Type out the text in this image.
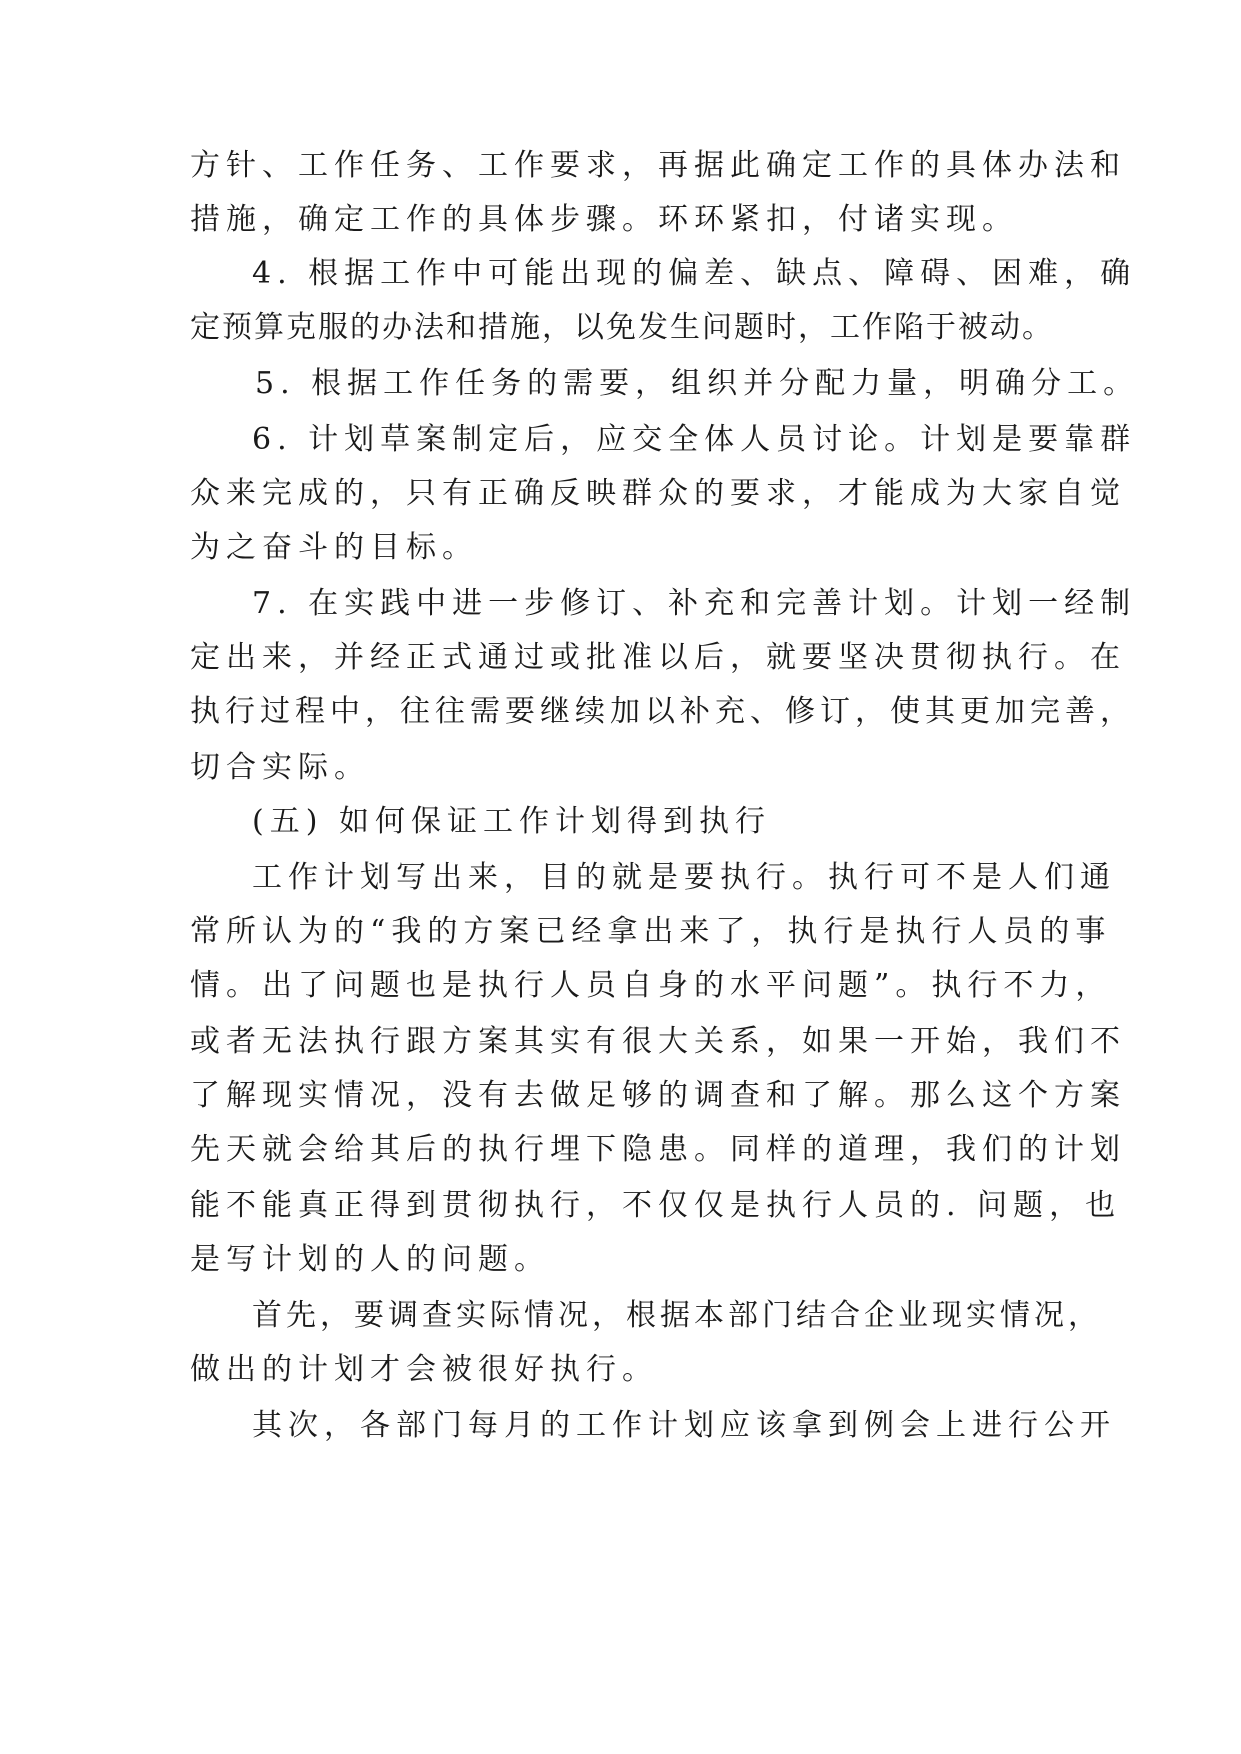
方针、工作任务、工作要求，再据此确定工作的具体办法和

措施，确定工作的具体步骤。环环紧扣，付诸实现。

4. 根据工作中可能出现的偏差、缺点、障碍、困难，确

定预算克服的办法和措施，以免发生问题时，工作陷于被动。

5. 根据工作任务的需要，组织并分配力量，明确分工。

6. 计划草案制定后，应交全体人员讨论。计划是要靠群

众来完成的，只有正确反映群众的要求，才能成为大家自觉

为之奋斗的目标。

7. 在实践中进一步修订、补充和完善计划。计划一经制

定出来，并经正式通过或批准以后，就要坚决贯彻执行。在

执行过程中，往往需要继续加以补充、修订，使其更加完善，

切合实际。

(五) 如何保证工作计划得到执行

工作计划写出来，目的就是要执行。执行可不是人们通

常所认为的“我的方案已经拿出来了，执行是执行人员的事

情。出了问题也是执行人员自身的水平问题”。执行不力，

或者无法执行跟方案其实有很大关系，如果一开始，我们不

了解现实情况，没有去做足够的调查和了解。那么这个方案

先天就会给其后的执行埋下隐患。同样的道理，我们的计划

能不能真正得到贯彻执行，不仅仅是执行人员的. 问题，也

是写计划的人的问题。

首先，要调查实际情况，根据本部门结合企业现实情况，

做出的计划才会被很好执行。

其次，各部门每月的工作计划应该拿到例会上进行公开
